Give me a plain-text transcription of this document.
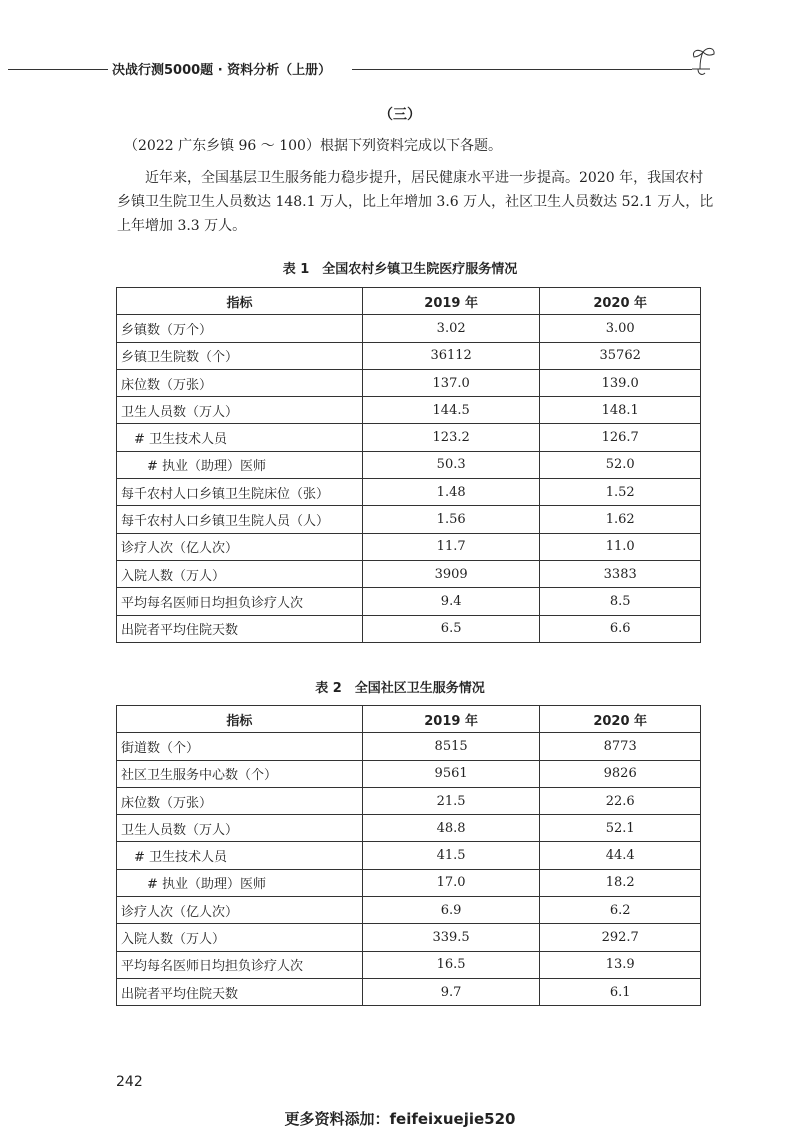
决战行测5000题 · 资料分析（上册）
（三）
（2022 广东乡镇 96 ～ 100）根据下列资料完成以下各题。
近年来，全国基层卫生服务能力稳步提升，居民健康水平进一步提高。2020 年，我国农村乡镇卫生院卫生人员数达 148.1 万人，比上年增加 3.6 万人，社区卫生人员数达 52.1 万人，比上年增加 3.3 万人。
表 1　全国农村乡镇卫生院医疗服务情况
指标	2019 年	2020 年
乡镇数（万个）	3.02	3.00
乡镇卫生院数（个）	36112	35762
床位数（万张）	137.0	139.0
卫生人员数（万人）	144.5	148.1
　# 卫生技术人员	123.2	126.7
　　# 执业（助理）医师	50.3	52.0
每千农村人口乡镇卫生院床位（张）	1.48	1.52
每千农村人口乡镇卫生院人员（人）	1.56	1.62
诊疗人次（亿人次）	11.7	11.0
入院人数（万人）	3909	3383
平均每名医师日均担负诊疗人次	9.4	8.5
出院者平均住院天数	6.5	6.6
表 2　全国社区卫生服务情况
指标	2019 年	2020 年
街道数（个）	8515	8773
社区卫生服务中心数（个）	9561	9826
床位数（万张）	21.5	22.6
卫生人员数（万人）	48.8	52.1
　# 卫生技术人员	41.5	44.4
　　# 执业（助理）医师	17.0	18.2
诊疗人次（亿人次）	6.9	6.2
入院人数（万人）	339.5	292.7
平均每名医师日均担负诊疗人次	16.5	13.9
出院者平均住院天数	9.7	6.1
242
更多资料添加：feifeixuejie520
